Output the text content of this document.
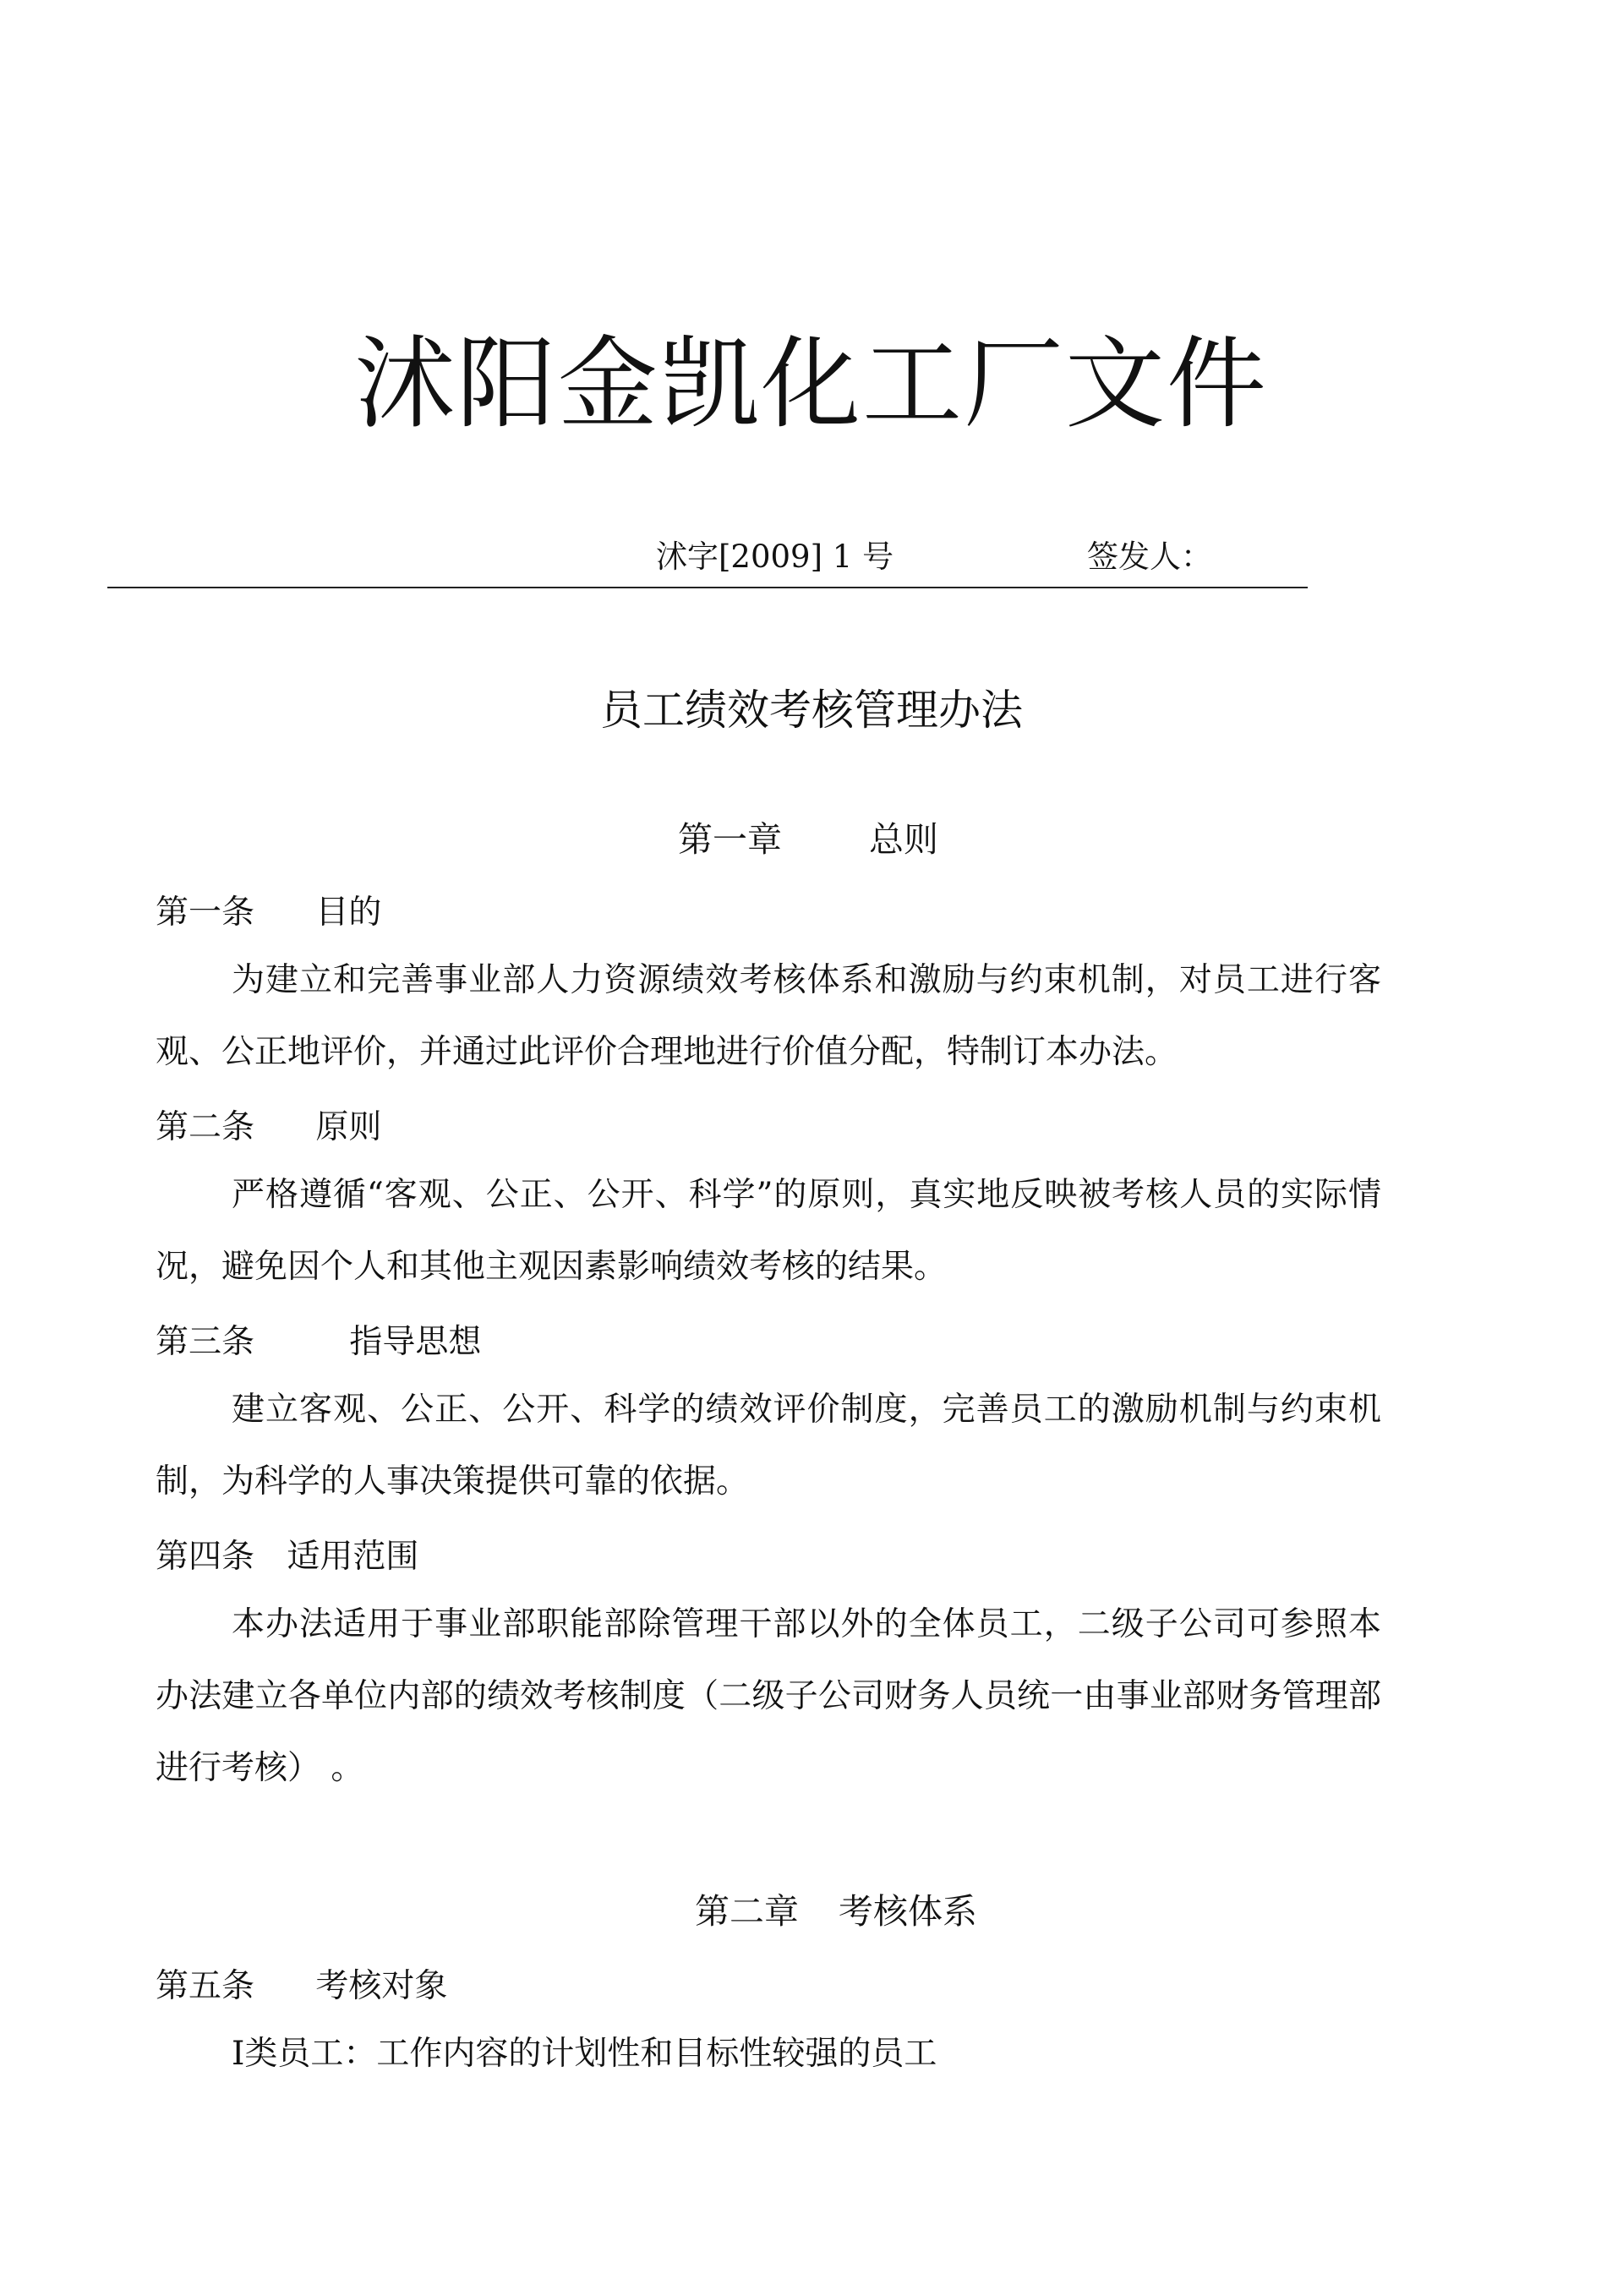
沭阳金凯化工厂文件
沭字[2009] 1 号	签发人：
员工绩效考核管理办法
第一章	总则
第一条 目的
为建立和完善事业部人力资源绩效考核体系和激励与约束机制，对员工进行客观、公正地评价，并通过此评价合理地进行价值分配，特制订本办法。
第二条 原则
严格遵循“客观、公正、公开、科学”的原则，真实地反映被考核人员的实际情况，避免因个人和其他主观因素影响绩效考核的结果。
第三条	指导思想
建立客观、公正、公开、科学的绩效评价制度，完善员工的激励机制与约束机制，为科学的人事决策提供可靠的依据。
第四条 适用范围
本办法适用于事业部职能部除管理干部以外的全体员工，二级子公司可参照本办法建立各单位内部的绩效考核制度（二级子公司财务人员统一由事业部财务管理部进行考核） 。
第二章 考核体系
第五条 考核对象
Ⅰ类员工：工作内容的计划性和目标性较强的员工
